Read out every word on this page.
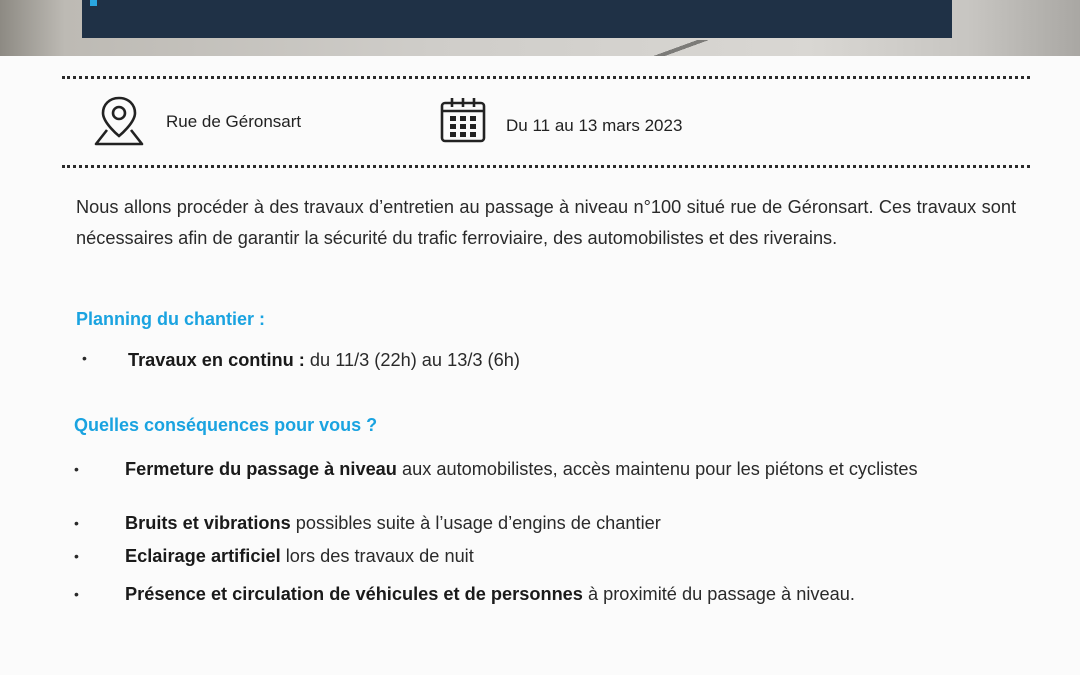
Rue de Géronsart	Du 11 au 13 mars 2023

Nous allons procéder à des travaux d’entretien au passage à niveau n°100 situé rue de Géronsart. Ces travaux sont nécessaires afin de garantir la sécurité du trafic ferroviaire, des automobilistes et des riverains.

Planning du chantier :
• Travaux en continu : du 11/3 (22h) au 13/3 (6h)
Quelles conséquences pour vous ?
•	Fermeture du passage à niveau aux automobilistes, accès maintenu pour les piétons et cyclistes
•	Bruits et vibrations possibles suite à l’usage d’engins de chantier
•	Eclairage artificiel lors des travaux de nuit
•	Présence et circulation de véhicules et de personnes à proximité du passage à niveau.
